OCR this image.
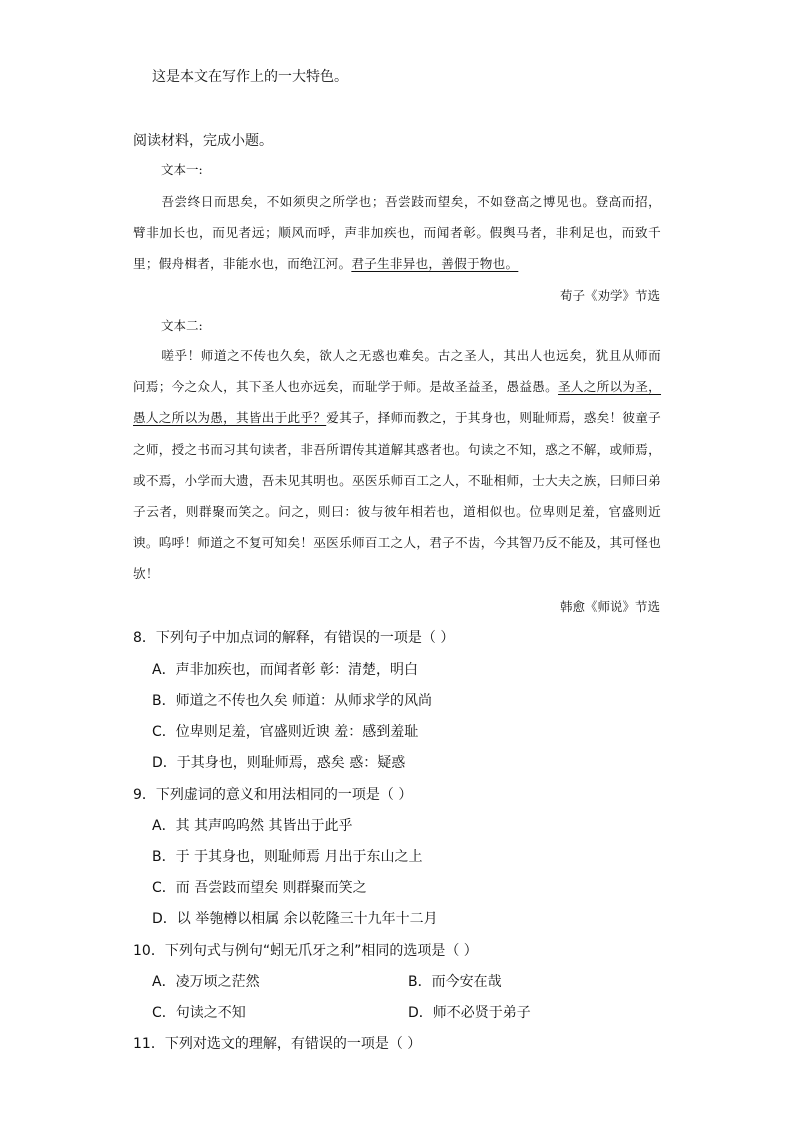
这是本文在写作上的一大特色。
阅读材料，完成小题。
文本一:

吾尝终日而思矣，不如须臾之所学也；吾尝跂而望矣，不如登高之博见也。登高而招，臂非加长也，而见者远；顺风而呼，声非加疾也，而闻者彰。假舆马者，非利足也，而致千里；假舟楫者，非能水也，而绝江河。君子生非异也，善假于物也。

荀子《劝学》节选
文本二:

嗟乎！师道之不传也久矣，欲人之无惑也难矣。古之圣人，其出人也远矣，犹且从师而问焉；今之众人，其下圣人也亦远矣，而耻学于师。是故圣益圣，愚益愚。圣人之所以为圣，愚人之所以为愚，其皆出于此乎？爱其子，择师而教之，于其身也，则耻师焉，惑矣！彼童子之师，授之书而习其句读者，非吾所谓传其道解其惑者也。句读之不知，惑之不解，或师焉，或不焉，小学而大遗，吾未见其明也。巫医乐师百工之人，不耻相师，士大夫之族，曰师曰弟子云者，则群聚而笑之。问之，则曰：彼与彼年相若也，道相似也。位卑则足羞，官盛则近谀。呜呼！师道之不复可知矣！巫医乐师百工之人，君子不齿，今其智乃反不能及，其可怪也欤！

韩愈《师说》节选
8．下列句子中加点词的解释，有错误的一项是（ ）
A．声非加疾也，而闻者彰 彰：清楚，明白
B．师道之不传也久矣 师道：从师求学的风尚
C．位卑则足羞，官盛则近谀 羞：感到羞耻
D．于其身也，则耻师焉，惑矣 惑：疑惑
9．下列虚词的意义和用法相同的一项是（ ）
A．其 其声呜呜然 其皆出于此乎
B．于 于其身也，则耻师焉 月出于东山之上
C．而 吾尝跂而望矣 则群聚而笑之
D．以 举匏樽以相属 余以乾隆三十九年十二月
10．下列句式与例句“蚓无爪牙之利”相同的选项是（ ）
A．凌万顷之茫然	B．而今安在哉
C．句读之不知	D．师不必贤于弟子
11．下列对选文的理解，有错误的一项是（ ）
